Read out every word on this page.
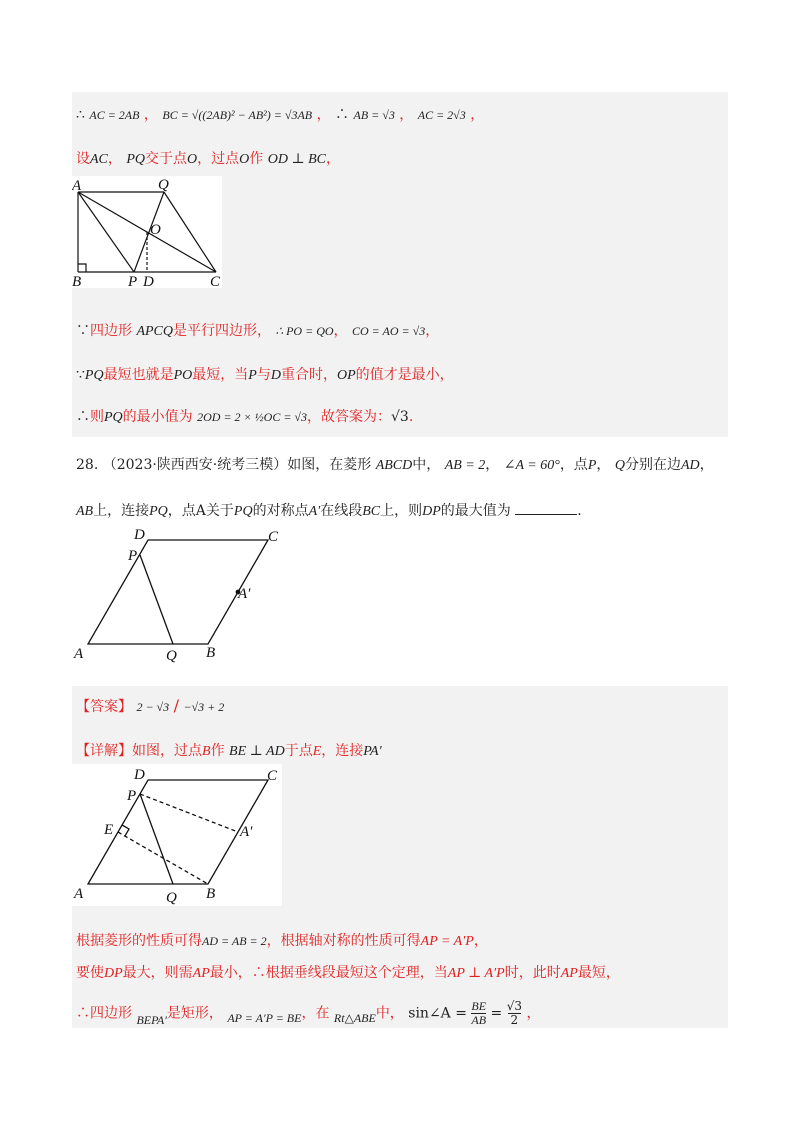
∴ AC = 2AB ， BC = √((2AB)² − AB²) = √3AB ， ∴ AB = √3 ， AC = 2√3 ，
设AC， PQ交于点O，过点O作 OD ⊥ BC，
A	Q
O
B	P D	C
∵四边形 APCQ是平行四边形， ∴ PO = QO， CO = AO = √3，
∵PQ最短也就是PO最短，当P与D重合时，OP的值才是最小，
∴则PQ的最小值为 2OD = 2 × ½OC = √3，故答案为：√3.
28. （2023·陕西西安·统考三模）如图，在菱形 ABCD中， AB = 2， ∠A = 60°，点P， Q分别在边AD，
AB上，连接PQ，点A关于PQ的对称点A′在线段BC上，则DP的最大值为	.
D	C
P
A′
A	Q B
【答案】 2 − √3 / −√3 + 2
【详解】如图，过点B作 BE ⊥ AD于点E，连接PA′
D	C
P
E	A′
A	Q B
根据菱形的性质可得AD = AB = 2，根据轴对称的性质可得AP = A′P，
要使DP最大，则需AP最小，∴根据垂线段最短这个定理，当AP ⊥ A′P时，此时AP最短，
∴四边形 BEPA′是矩形， AP = A′P = BE，在 Rt△ABE中， sin∠A = $\frac{BE}{AB} = \frac{√3}{2}$ ，
